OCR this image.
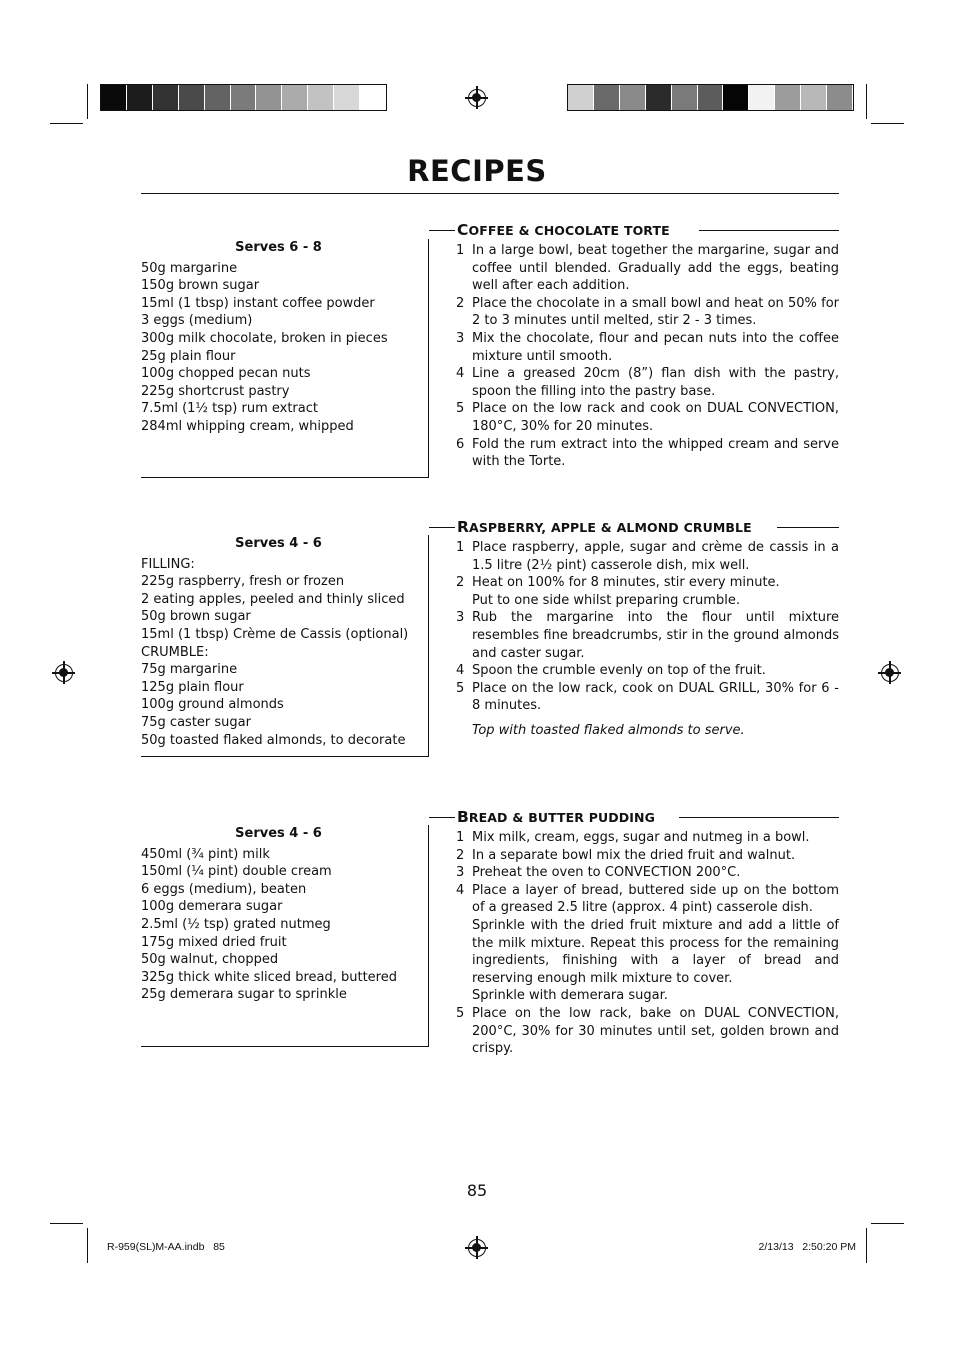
RECIPES
Serves 6 - 8
50g margarine
150g brown sugar
15ml (1 tbsp) instant coffee powder
3 eggs (medium)
300g milk chocolate, broken in pieces
25g plain flour
100g chopped pecan nuts
225g shortcrust pastry
7.5ml (1½ tsp) rum extract
284ml whipping cream, whipped
COFFEE & CHOCOLATE TORTE
1 In a large bowl, beat together the margarine, sugar and coffee until blended. Gradually add the eggs, beating well after each addition.
2 Place the chocolate in a small bowl and heat on 50% for 2 to 3 minutes until melted, stir 2 - 3 times.
3 Mix the chocolate, flour and pecan nuts into the coffee mixture until smooth.
4 Line a greased 20cm (8”) flan dish with the pastry, spoon the filling into the pastry base.
5 Place on the low rack and cook on DUAL CONVECTION, 180°C, 30% for 20 minutes.
6 Fold the rum extract into the whipped cream and serve with the Torte.
Serves 4 - 6
FILLING:
225g raspberry, fresh or frozen
2 eating apples, peeled and thinly sliced
50g brown sugar
15ml (1 tbsp) Crème de Cassis (optional)
CRUMBLE:
75g margarine
125g plain flour
100g ground almonds
75g caster sugar
50g toasted flaked almonds, to decorate
RASPBERRY, APPLE & ALMOND CRUMBLE
1 Place raspberry, apple, sugar and crème de cassis in a 1.5 litre (2½ pint) casserole dish, mix well.
2 Heat on 100% for 8 minutes, stir every minute.
Put to one side whilst preparing crumble.
3 Rub the margarine into the flour until mixture resembles fine breadcrumbs, stir in the ground almonds and caster sugar.
4 Spoon the crumble evenly on top of the fruit.
5 Place on the low rack, cook on DUAL GRILL, 30% for 6 - 8 minutes.
Top with toasted flaked almonds to serve.
Serves 4 - 6
450ml (¾ pint) milk
150ml (¼ pint) double cream
6 eggs (medium), beaten
100g demerara sugar
2.5ml (½ tsp) grated nutmeg
175g mixed dried fruit
50g walnut, chopped
325g thick white sliced bread, buttered
25g demerara sugar to sprinkle
BREAD & BUTTER PUDDING
1 Mix milk, cream, eggs, sugar and nutmeg in a bowl.
2 In a separate bowl mix the dried fruit and walnut.
3 Preheat the oven to CONVECTION 200°C.
4 Place a layer of bread, buttered side up on the bottom of a greased 2.5 litre (approx. 4 pint) casserole dish.
Sprinkle with the dried fruit mixture and add a little of the milk mixture. Repeat this process for the remaining ingredients, finishing with a layer of bread and reserving enough milk mixture to cover.
Sprinkle with demerara sugar.
5 Place on the low rack, bake on DUAL CONVECTION, 200°C, 30% for 30 minutes until set, golden brown and crispy.
85
R-959(SL)M-AA.indb   85	2/13/13   2:50:20 PM
